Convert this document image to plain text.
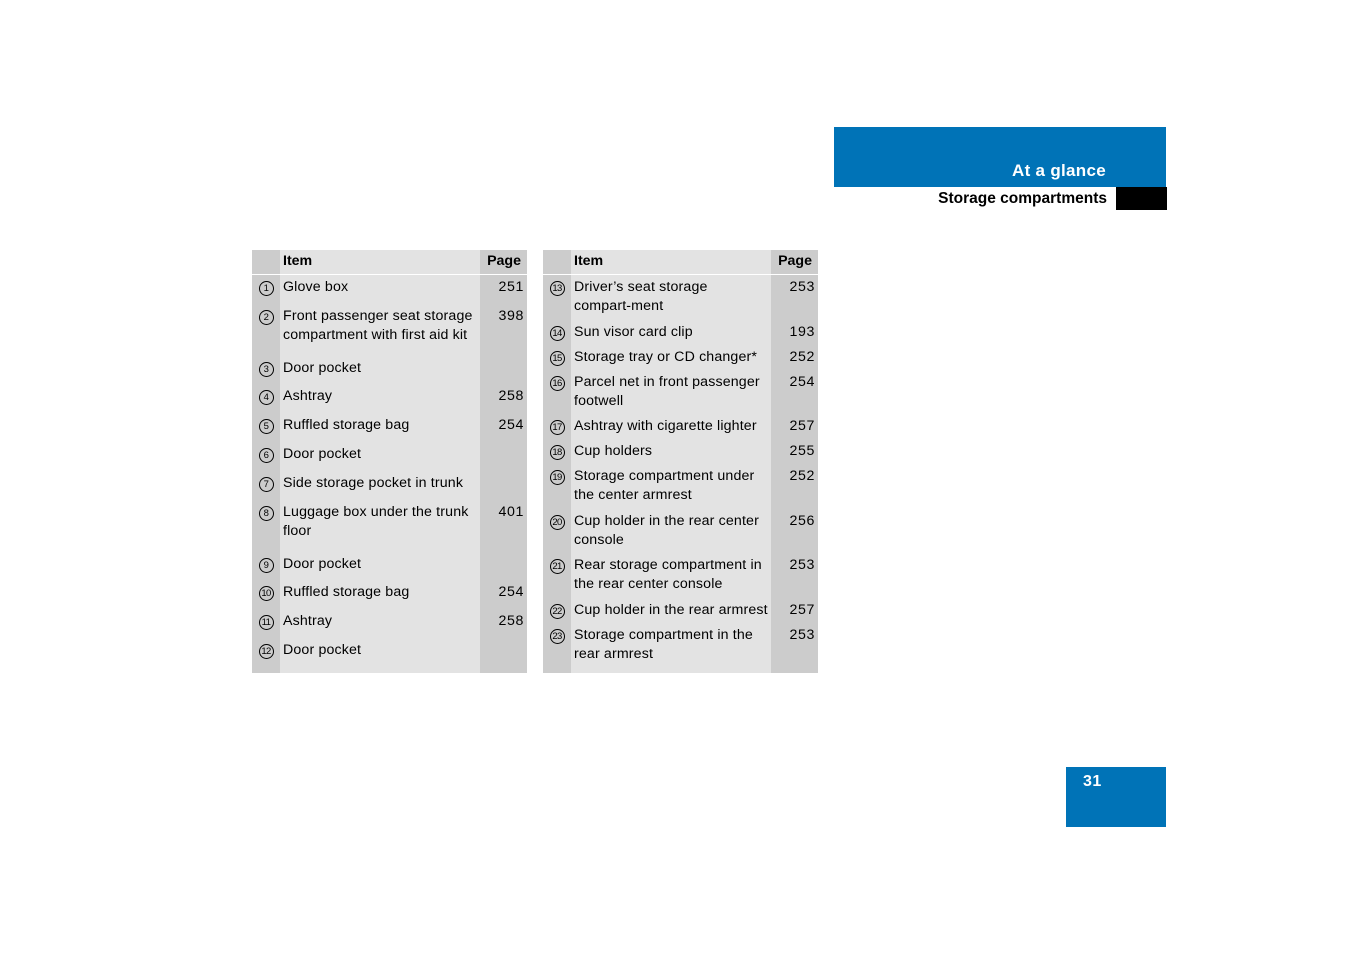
At a glance
Storage compartments
	Item	Page
1	Glove box	251
2	Front passenger seat storage compartment with first aid kit	398
3	Door pocket	
4	Ashtray	258
5	Ruffled storage bag	254
6	Door pocket	
7	Side storage pocket in trunk	
8	Luggage box under the trunk floor	401
9	Door pocket	
10	Ruffled storage bag	254
11	Ashtray	258
12	Door pocket	

	Item	Page
13	Driver’s seat storage compart-ment	253
14	Sun visor card clip	193
15	Storage tray or CD changer*	252
16	Parcel net in front passenger footwell	254
17	Ashtray with cigarette lighter	257
18	Cup holders	255
19	Storage compartment under the center armrest	252
20	Cup holder in the rear center console	256
21	Rear storage compartment in the rear center console	253
22	Cup holder in the rear armrest	257
23	Storage compartment in the rear armrest	253

31
